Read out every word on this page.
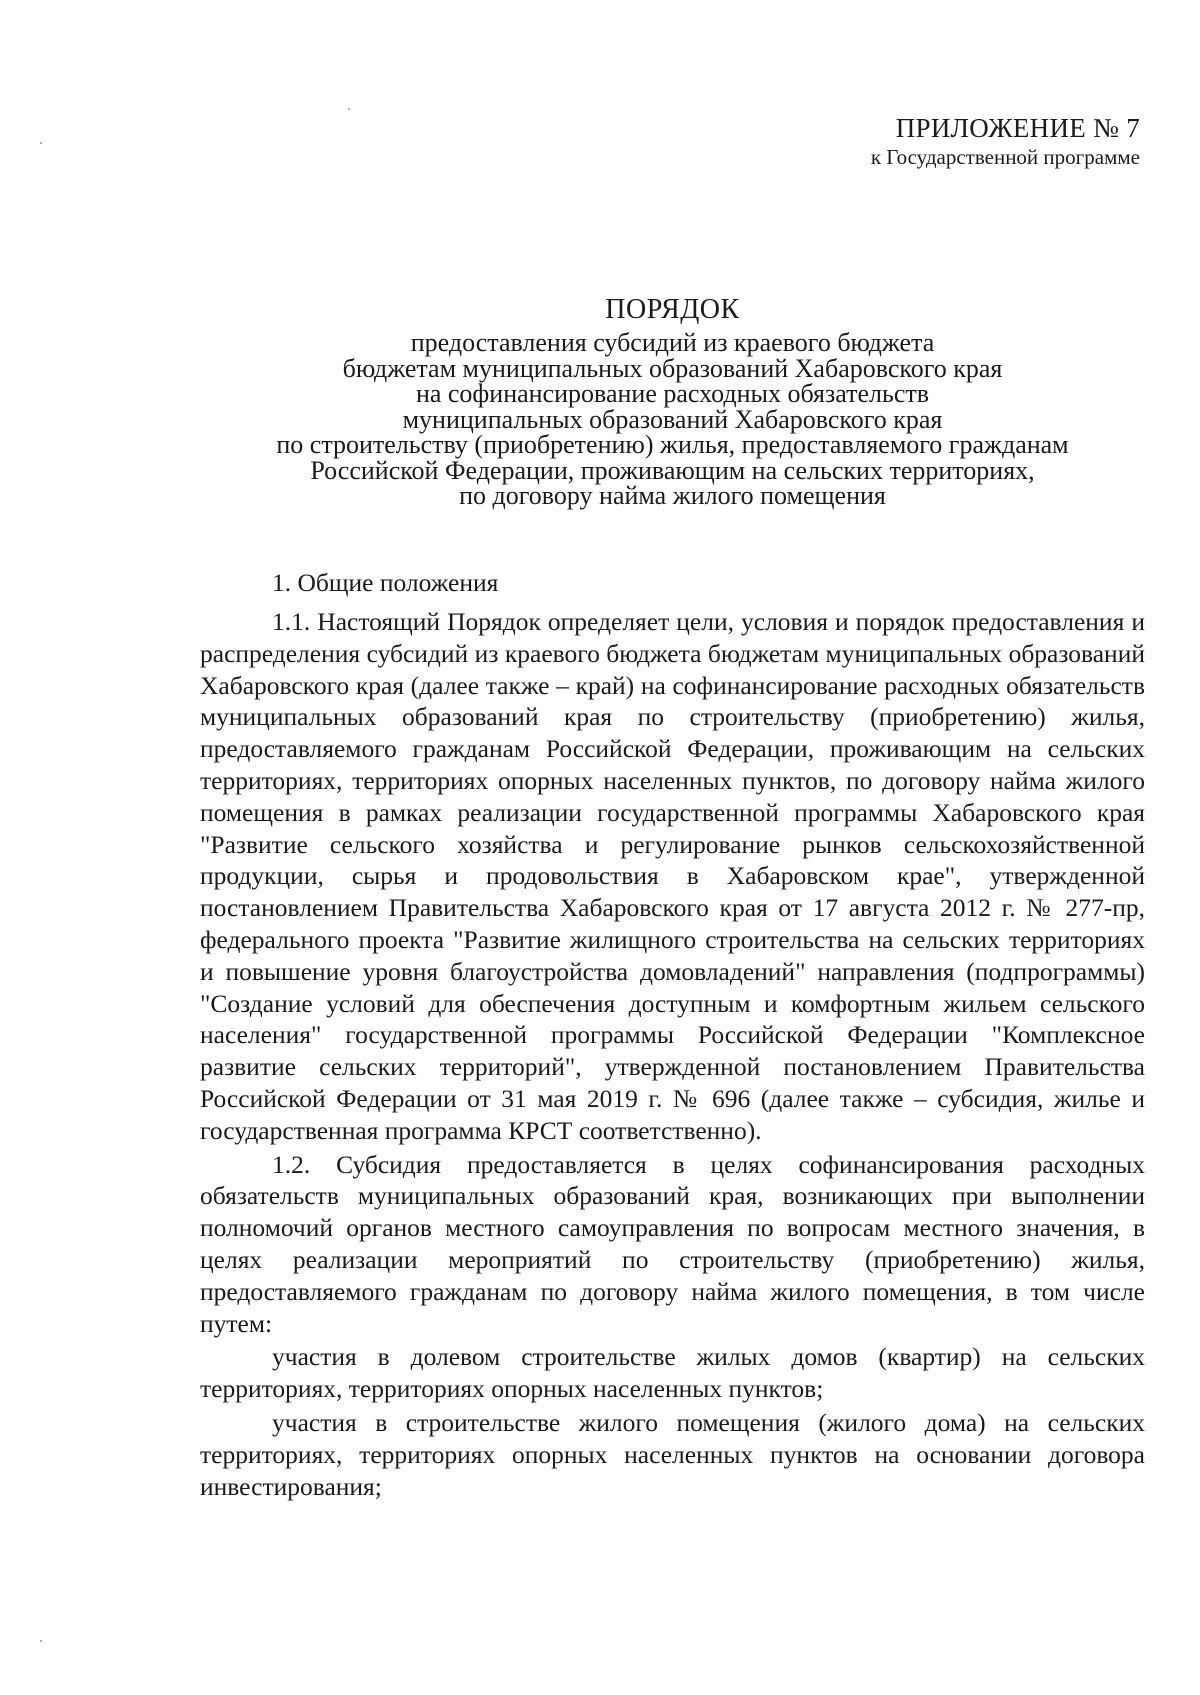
ПРИЛОЖЕНИЕ № 7
к Государственной программе
ПОРЯДОК
предоставления субсидий из краевого бюджета
бюджетам муниципальных образований Хабаровского края
на софинансирование расходных обязательств
муниципальных образований Хабаровского края
по строительству (приобретению) жилья, предоставляемого гражданам
Российской Федерации, проживающим на сельских территориях,
по договору найма жилого помещения
1. Общие положения

1.1. Настоящий Порядок определяет цели, условия и порядок предоставления и распределения субсидий из краевого бюджета бюджетам муниципальных образований Хабаровского края (далее также – край) на софинансирование расходных обязательств муниципальных образований края по строительству (приобретению) жилья, предоставляемого гражданам Российской Федерации, проживающим на сельских территориях, территориях опорных населенных пунктов, по договору найма жилого помещения в рамках реализации государственной программы Хабаровского края "Развитие сельского хозяйства и регулирование рынков сельскохозяйственной продукции, сырья и продовольствия в Хабаровском крае", утвержденной постановлением Правительства Хабаровского края от 17 августа 2012 г. № 277-пр, федерального проекта "Развитие жилищного строительства на сельских территориях и повышение уровня благоустройства домовладений" направления (подпрограммы) "Создание условий для обеспечения доступным и комфортным жильем сельского населения" государственной программы Российской Федерации "Комплексное развитие сельских территорий", утвержденной постановлением Правительства Российской Федерации от 31 мая 2019 г. № 696 (далее также – субсидия, жилье и государственная программа КРСТ соответственно).

1.2. Субсидия предоставляется в целях софинансирования расходных обязательств муниципальных образований края, возникающих при выполнении полномочий органов местного самоуправления по вопросам местного значения, в целях реализации мероприятий по строительству (приобретению) жилья, предоставляемого гражданам по договору найма жилого помещения, в том числе путем:

участия в долевом строительстве жилых домов (квартир) на сельских территориях, территориях опорных населенных пунктов;

участия в строительстве жилого помещения (жилого дома) на сельских территориях, территориях опорных населенных пунктов на основании договора инвестирования;
